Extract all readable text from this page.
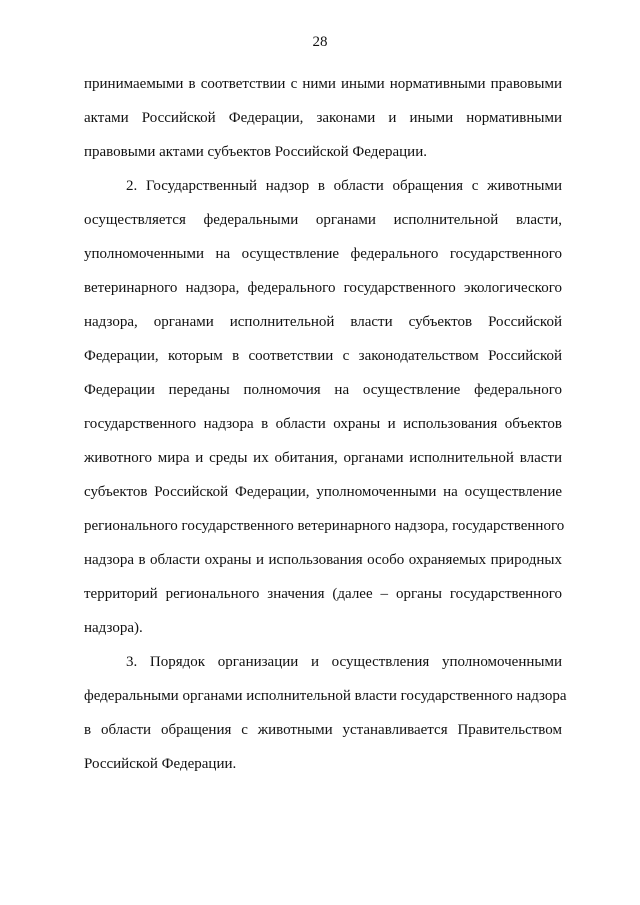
28
принимаемыми в соответствии с ними иными нормативными правовыми
актами Российской Федерации, законами и иными нормативными
правовыми актами субъектов Российской Федерации.
2. Государственный надзор в области обращения с животными
осуществляется федеральными органами исполнительной власти,
уполномоченными на осуществление федерального государственного
ветеринарного надзора, федерального государственного экологического
надзора, органами исполнительной власти субъектов Российской
Федерации, которым в соответствии с законодательством Российской
Федерации переданы полномочия на осуществление федерального
государственного надзора в области охраны и использования объектов
животного мира и среды их обитания, органами исполнительной власти
субъектов Российской Федерации, уполномоченными на осуществление
регионального государственного ветеринарного надзора, государственного
надзора в области охраны и использования особо охраняемых природных
территорий регионального значения (далее – органы государственного
надзора).
3. Порядок организации и осуществления уполномоченными
федеральными органами исполнительной власти государственного надзора
в области обращения с животными устанавливается Правительством
Российской Федерации.
